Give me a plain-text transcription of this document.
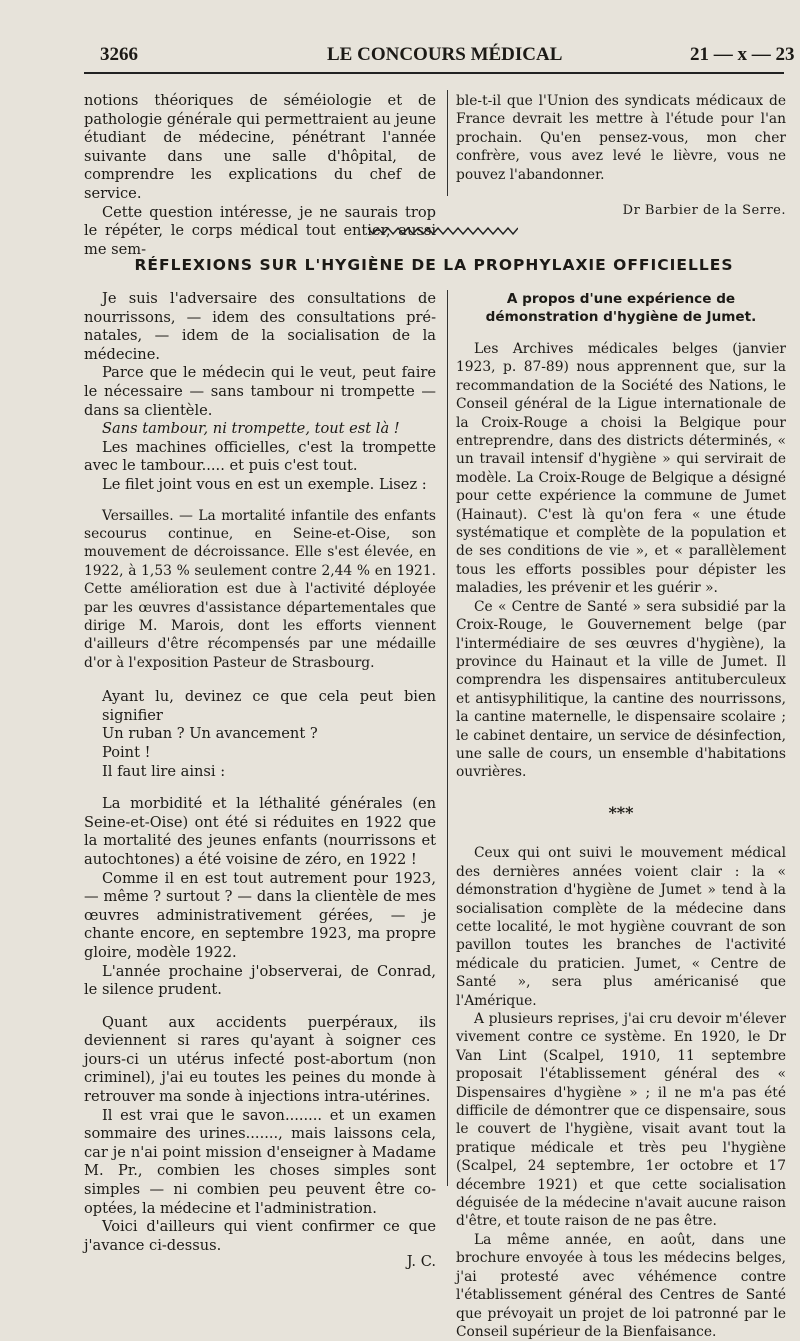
3266	LE CONCOURS MÉDICAL	21 — x — 23

notions théoriques de séméiologie et de pathologie générale qui permettraient au jeune étudiant de médecine, pénétrant l'année suivante dans une salle d'hôpital, de comprendre les explications du chef de service.

Cette question intéresse, je ne saurais trop le répéter, le corps médical tout entier, aussi me sem-

ble-t-il que l'Union des syndicats médicaux de France devrait les mettre à l'étude pour l'an prochain. Qu'en pensez-vous, mon cher confrère, vous avez levé le lièvre, vous ne pouvez l'abandonner.

Dr Barbier de la Serre.

RÉFLEXIONS SUR L'HYGIÈNE DE LA PROPHYLAXIE OFFICIELLES

Je suis l'adversaire des consultations de nourrissons, — idem des consultations pré-natales, — idem de la socialisation de la médecine.

Parce que le médecin qui le veut, peut faire le nécessaire — sans tambour ni trompette — dans sa clientèle.

Sans tambour, ni trompette, tout est là !

Les machines officielles, c'est la trompette avec le tambour..... et puis c'est tout.

Le filet joint vous en est un exemple. Lisez :

Versailles. — La mortalité infantile des enfants secourus continue, en Seine-et-Oise, son mouvement de décroissance. Elle s'est élevée, en 1922, à 1,53 % seulement contre 2,44 % en 1921. Cette amélioration est due à l'activité déployée par les œuvres d'assistance départementales que dirige M. Marois, dont les efforts viennent d'ailleurs d'être récompensés par une médaille d'or à l'exposition Pasteur de Strasbourg.

Ayant lu, devinez ce que cela peut bien signifier

Un ruban ? Un avancement ?

Point !

Il faut lire ainsi :

La morbidité et la léthalité générales (en Seine-et-Oise) ont été si réduites en 1922 que la mortalité des jeunes enfants (nourrissons et autochtones) a été voisine de zéro, en 1922 !

Comme il en est tout autrement pour 1923, — même ? surtout ? — dans la clientèle de mes œuvres administrativement gérées, — je chante encore, en septembre 1923, ma propre gloire, modèle 1922.

L'année prochaine j'observerai, de Conrad, le silence prudent.

Quant aux accidents puerpéraux, ils deviennent si rares qu'ayant à soigner ces jours-ci un utérus infecté post-abortum (non criminel), j'ai eu toutes les peines du monde à retrouver ma sonde à injections intra-utérines.

Il est vrai que le savon........ et un examen sommaire des urines......., mais laissons cela, car je n'ai point mission d'enseigner à Madame M. Pr., combien les choses simples sont simples — ni combien peu peuvent être co-optées, la médecine et l'administration.

Voici d'ailleurs qui vient confirmer ce que j'avance ci-dessus.

J. C.

A propos d'une expérience de démonstration d'hygiène de Jumet.

Les Archives médicales belges (janvier 1923, p. 87-89) nous apprennent que, sur la recommandation de la Société des Nations, le Conseil général de la Ligue internationale de la Croix-Rouge a choisi la Belgique pour entreprendre, dans des districts déterminés, « un travail intensif d'hygiène » qui servirait de modèle. La Croix-Rouge de Belgique a désigné pour cette expérience la commune de Jumet (Hainaut). C'est là qu'on fera « une étude systématique et complète de la population et de ses conditions de vie », et « parallèlement tous les efforts possibles pour dépister les maladies, les prévenir et les guérir ».

Ce « Centre de Santé » sera subsidié par la Croix-Rouge, le Gouvernement belge (par l'intermédiaire de ses œuvres d'hygiène), la province du Hainaut et la ville de Jumet. Il comprendra les dispensaires antituberculeux et antisyphilitique, la cantine des nourrissons, la cantine maternelle, le dispensaire scolaire ; le cabinet dentaire, un service de désinfection, une salle de cours, un ensemble d'habitations ouvrières.

***

Ceux qui ont suivi le mouvement médical des dernières années voient clair : la « démonstration d'hygiène de Jumet » tend à la socialisation complète de la médecine dans cette localité, le mot hygiène couvrant de son pavillon toutes les branches de l'activité médicale du praticien. Jumet, « Centre de Santé », sera plus américanisé que l'Amérique.

A plusieurs reprises, j'ai cru devoir m'élever vivement contre ce système. En 1920, le Dr Van Lint (Scalpel, 1910, 11 septembre proposait l'établissement général des « Dispensaires d'hygiène » ; il ne m'a pas été difficile de démontrer que ce dispensaire, sous le couvert de l'hygiène, visait avant tout la pratique médicale et très peu l'hygiène (Scalpel, 24 septembre, 1er octobre et 17 décembre 1921) et que cette socialisation déguisée de la médecine n'avait aucune raison d'être, et toute raison de ne pas être.

La même année, en août, dans une brochure envoyée à tous les médecins belges, j'ai protesté avec véhémence contre l'établissement général des Centres de Santé que prévoyait un projet de loi patronné par le Conseil supérieur de la Bienfaisance.
